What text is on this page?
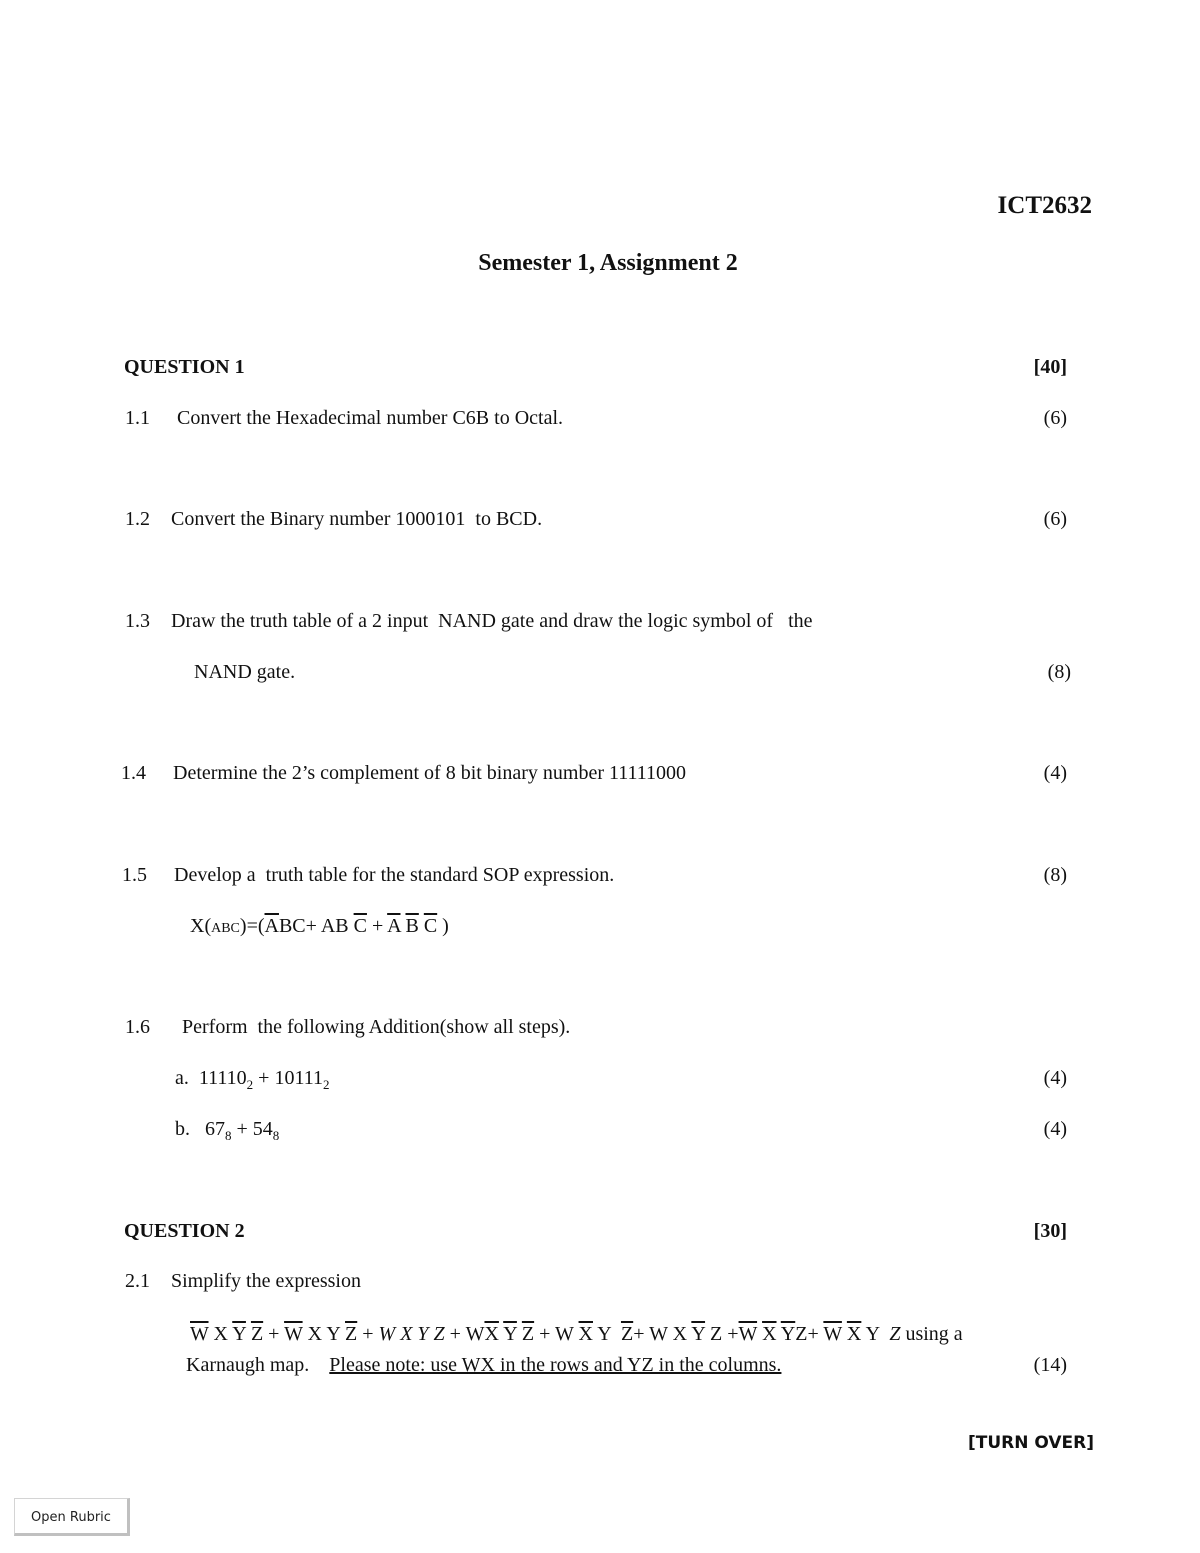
ICT2632
Semester 1, Assignment 2
QUESTION 1	[40]
1.1 Convert the Hexadecimal number C6B to Octal.	(6)
1.2 Convert the Binary number 1000101  to BCD.	(6)
1.3 Draw the truth table of a 2 input  NAND gate and draw the logic symbol of   the
NAND gate.	(8)
1.4 Determine the 2’s complement of 8 bit binary number 11111000	(4)
1.5 Develop a  truth table for the standard SOP expression.	(8)
$X(ABC)=(\overline{A}BC+$ AB $\overline{C} + \overline{A}$ $\overline{B}$ $\overline{C}$ )
1.6 Perform  the following Addition(show all steps).
a. $11110_2 + 10111_2$	(4)
b. $67_8 + 54_8$	(4)
QUESTION 2	[30]
2.1 Simplify the expression
$\overline{W}$ X $\overline{Y}$ $\overline{Z} + \overline{W}$ X Y $\overline{Z} + W$ X Y $Z + W\overline{X}$ $\overline{Y}$ $\overline{Z} + W$ $\overline{X}$ Y $\overline{Z}+ W$ X $\overline{Y}$ $Z +\overline{W}$ $\overline{X}$ $\overline{Y}Z+ \overline{W}$ $\overline{X}$ Y Z using a
Karnaugh map. Please note: use WX in the rows and YZ in the columns.	(14)
[TURN OVER]
Open Rubric
